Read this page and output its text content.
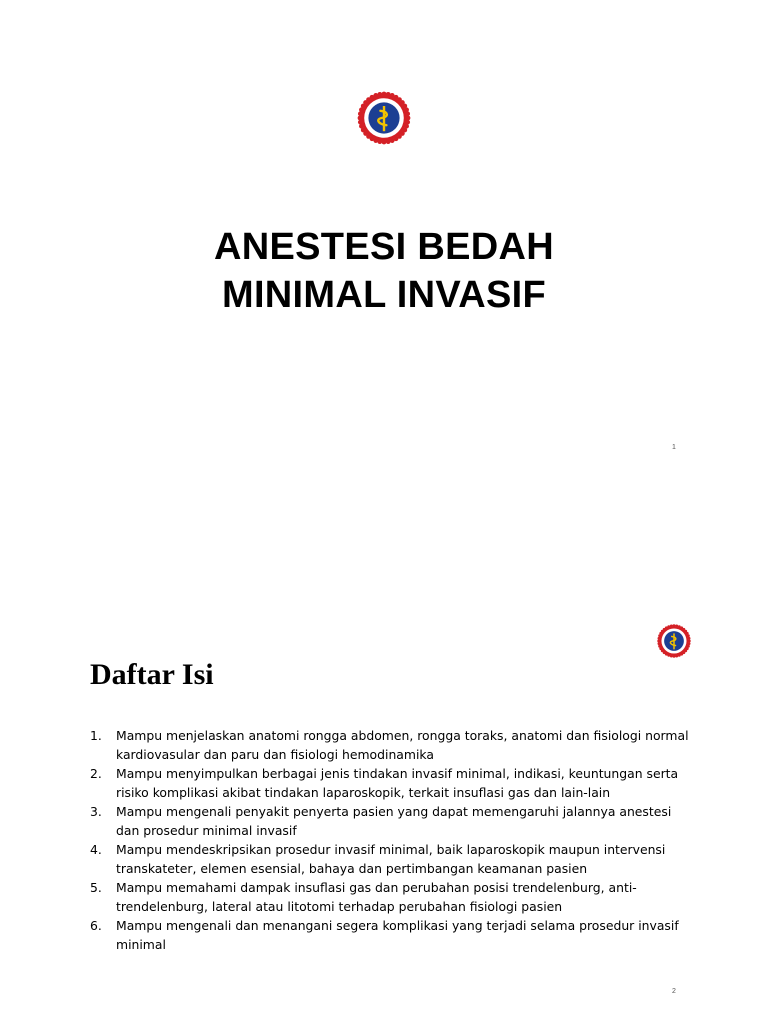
ANESTESI BEDAH
MINIMAL INVASIF
1
Daftar Isi
1. Mampu menjelaskan anatomi rongga abdomen, rongga toraks, anatomi dan fisiologi normal kardiovasular dan paru dan fisiologi hemodinamika
2. Mampu menyimpulkan berbagai jenis tindakan invasif minimal, indikasi, keuntungan serta risiko komplikasi akibat tindakan laparoskopik, terkait insuflasi gas dan lain-lain
3. Mampu mengenali penyakit penyerta pasien yang dapat memengaruhi jalannya anestesi dan prosedur minimal invasif
4. Mampu mendeskripsikan prosedur invasif minimal, baik laparoskopik maupun intervensi transkateter, elemen esensial, bahaya dan pertimbangan keamanan pasien
5. Mampu memahami dampak insuflasi gas dan perubahan posisi trendelenburg, anti-trendelenburg, lateral atau litotomi terhadap perubahan fisiologi pasien
6. Mampu mengenali dan menangani segera komplikasi yang terjadi selama prosedur invasif minimal
2
